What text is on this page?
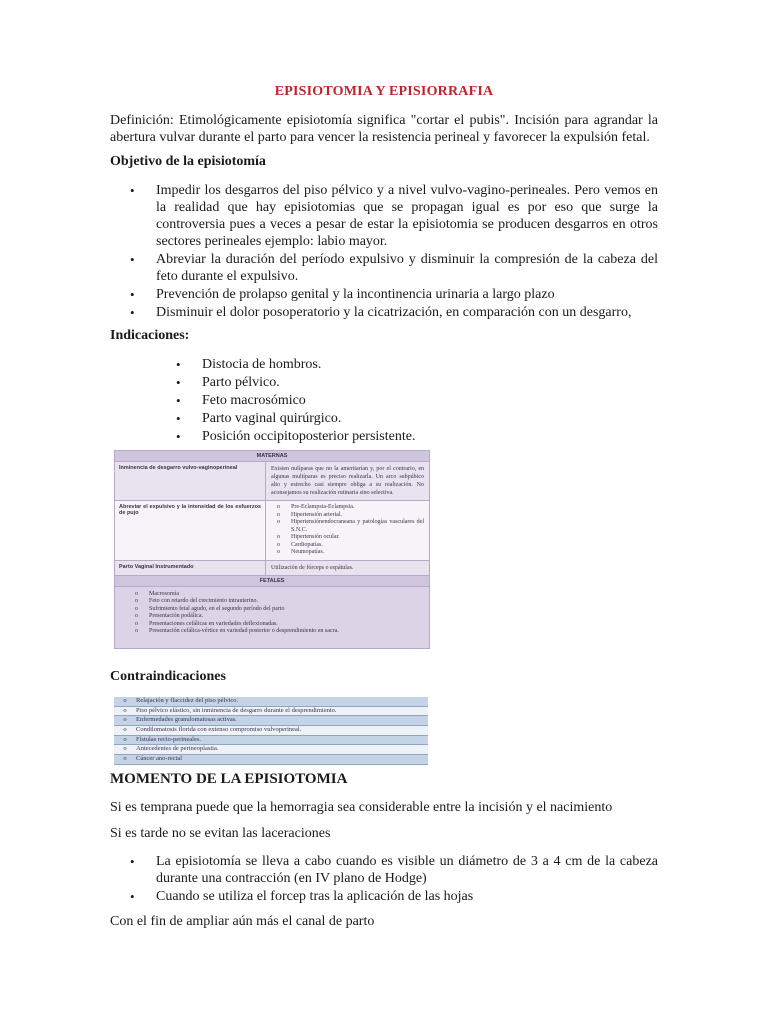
EPISIOTOMIA Y EPISIORRAFIA

Definición: Etimológicamente episiotomía significa "cortar el pubis". Incisión para agrandar la abertura vulvar durante el parto para vencer la resistencia perineal y favorecer la expulsión fetal.

Objetivo de la episiotomía
• Impedir los desgarros del piso pélvico y a nivel vulvo-vagino-perineales. Pero vemos en la realidad que hay episiotomias que se propagan igual es por eso que surge la controversia pues a veces a pesar de estar la episiotomia se producen desgarros en otros sectores perineales ejemplo: labio mayor.
• Abreviar la duración del período expulsivo y disminuir la compresión de la cabeza del feto durante el expulsivo.
• Prevención de prolapso genital y la incontinencia urinaria a largo plazo
• Disminuir el dolor posoperatorio y la cicatrización, en comparación con un desgarro,
Indicaciones:
• Distocia de hombros.
• Parto pélvico.
• Feto macrosómico
• Parto vaginal quirúrgico.
• Posición occipitoposterior persistente.
MATERNAS
Inminencia de desgarro vulvo-vaginoperineal	Existen nulíparas que no la ameritarían y, por el contrario, en algunas multíparas es preciso realizarla. Un arco subpúbico alto y estrecho casi siempre obliga a su realización. No aconsejamos su realización rutinaria sino selectiva.
Abreviar el expulsivo y la intensidad de los esfuerzos de pujo
o Pre-Eclampsia-Eclampsia.
o Hipertensión arterial.
o Hipertensiónendocraneana y patologías vasculares del S.N.C.
o Hipertensión ocular.
o Cardiopatías.
o Neumopatías.
Parto Vaginal Instrumentado	Utilización de fórceps o espátulas.
FETALES
o Macrosomía
o Feto con retardo del crecimiento intrauterino.
o Sufrimiento fetal agudo, en el segundo período del parto
o Presentación podálica.
o Presentaciones cefálicas en variedades deflexionadas.
o Presentación cefálica-vértice en variedad posterior o desprendimiento en sacra.
Contraindicaciones
o	Relajación y flaccidez del piso pélvico.
o	Piso pélvico elástico, sin inminencia de desgarro durante el desprendimiento.
o	Enfermedades granulomatosas activas.
o	Condilomatosis florida con extenso compromiso vulvoperineal.
o	Fístulas recto-perineales.
o	Antecedentes de perineoplastia.
o	Cáncer ano-rectal
MOMENTO DE LA EPISIOTOMIA

Si es temprana puede que la hemorragia sea considerable entre la incisión y el nacimiento

Si es tarde no se evitan las laceraciones

• La episiotomía se lleva a cabo cuando es visible un diámetro de 3 a 4 cm de la cabeza durante una contracción (en IV plano de Hodge)
• Cuando se utiliza el forcep tras la aplicación de las hojas

Con el fin de ampliar aún más el canal de parto
